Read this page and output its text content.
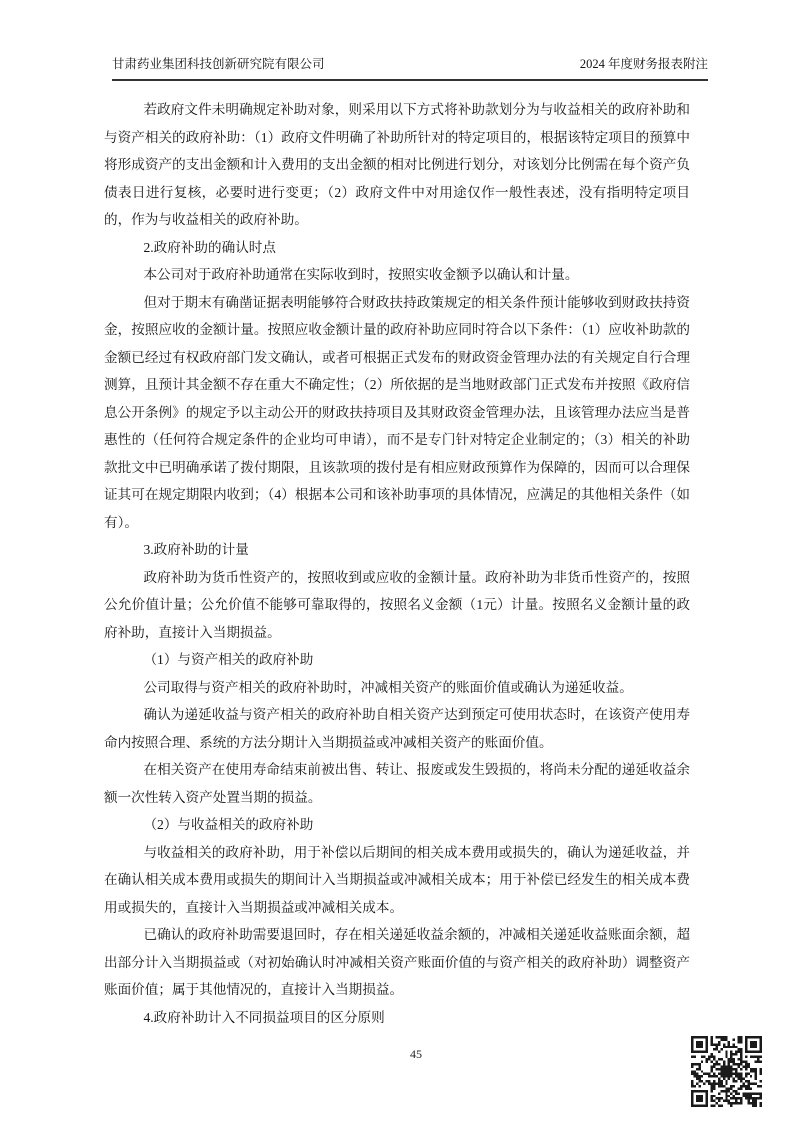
甘肃药业集团科技创新研究院有限公司	2024 年度财务报表附注

若政府文件未明确规定补助对象，则采用以下方式将补助款划分为与收益相关的政府补助和与资产相关的政府补助：（1）政府文件明确了补助所针对的特定项目的，根据该特定项目的预算中将形成资产的支出金额和计入费用的支出金额的相对比例进行划分，对该划分比例需在每个资产负债表日进行复核，必要时进行变更；（2）政府文件中对用途仅作一般性表述，没有指明特定项目的，作为与收益相关的政府补助。

2.政府补助的确认时点

本公司对于政府补助通常在实际收到时，按照实收金额予以确认和计量。

但对于期末有确凿证据表明能够符合财政扶持政策规定的相关条件预计能够收到财政扶持资金，按照应收的金额计量。按照应收金额计量的政府补助应同时符合以下条件：（1）应收补助款的金额已经过有权政府部门发文确认，或者可根据正式发布的财政资金管理办法的有关规定自行合理测算，且预计其金额不存在重大不确定性；（2）所依据的是当地财政部门正式发布并按照《政府信息公开条例》的规定予以主动公开的财政扶持项目及其财政资金管理办法，且该管理办法应当是普惠性的（任何符合规定条件的企业均可申请），而不是专门针对特定企业制定的；（3）相关的补助款批文中已明确承诺了拨付期限，且该款项的拨付是有相应财政预算作为保障的，因而可以合理保证其可在规定期限内收到；（4）根据本公司和该补助事项的具体情况，应满足的其他相关条件（如有）。

3.政府补助的计量

政府补助为货币性资产的，按照收到或应收的金额计量。政府补助为非货币性资产的，按照公允价值计量；公允价值不能够可靠取得的，按照名义金额（1元）计量。按照名义金额计量的政府补助，直接计入当期损益。

（1）与资产相关的政府补助

公司取得与资产相关的政府补助时，冲减相关资产的账面价值或确认为递延收益。

确认为递延收益与资产相关的政府补助自相关资产达到预定可使用状态时，在该资产使用寿命内按照合理、系统的方法分期计入当期损益或冲减相关资产的账面价值。

在相关资产在使用寿命结束前被出售、转让、报废或发生毁损的，将尚未分配的递延收益余额一次性转入资产处置当期的损益。

（2）与收益相关的政府补助

与收益相关的政府补助，用于补偿以后期间的相关成本费用或损失的，确认为递延收益，并在确认相关成本费用或损失的期间计入当期损益或冲减相关成本；用于补偿已经发生的相关成本费用或损失的，直接计入当期损益或冲减相关成本。

已确认的政府补助需要退回时，存在相关递延收益余额的，冲减相关递延收益账面余额，超出部分计入当期损益或（对初始确认时冲减相关资产账面价值的与资产相关的政府补助）调整资产账面价值；属于其他情况的，直接计入当期损益。

4.政府补助计入不同损益项目的区分原则

45
